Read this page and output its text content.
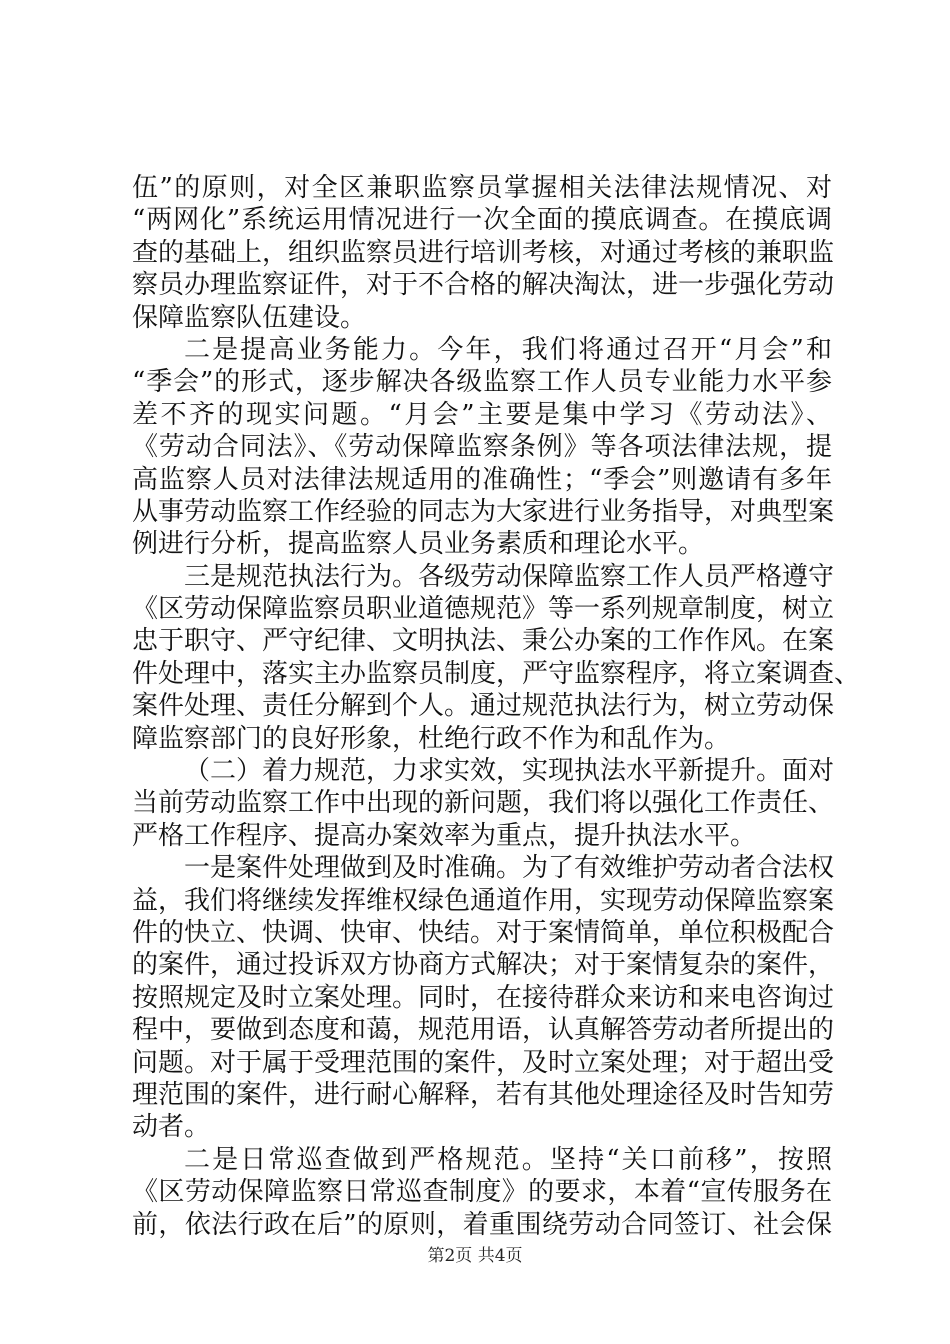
伍”的原则，对全区兼职监察员掌握相关法律法规情况、对
“两网化”系统运用情况进行一次全面的摸底调查。在摸底调
查的基础上，组织监察员进行培训考核，对通过考核的兼职监
察员办理监察证件，对于不合格的解决淘汰，进一步强化劳动
保障监察队伍建设。
二是提高业务能力。今年，我们将通过召开“月会”和
“季会”的形式，逐步解决各级监察工作人员专业能力水平参
差不齐的现实问题。“月会”主要是集中学习《劳动法》、
《劳动合同法》、《劳动保障监察条例》等各项法律法规，提
高监察人员对法律法规适用的准确性；“季会”则邀请有多年
从事劳动监察工作经验的同志为大家进行业务指导，对典型案
例进行分析，提高监察人员业务素质和理论水平。
三是规范执法行为。各级劳动保障监察工作人员严格遵守
《区劳动保障监察员职业道德规范》等一系列规章制度，树立
忠于职守、严守纪律、文明执法、秉公办案的工作作风。在案
件处理中，落实主办监察员制度，严守监察程序，将立案调查、
案件处理、责任分解到个人。通过规范执法行为，树立劳动保
障监察部门的良好形象，杜绝行政不作为和乱作为。
（二）着力规范，力求实效，实现执法水平新提升。面对
当前劳动监察工作中出现的新问题，我们将以强化工作责任、
严格工作程序、提高办案效率为重点，提升执法水平。
一是案件处理做到及时准确。为了有效维护劳动者合法权
益，我们将继续发挥维权绿色通道作用，实现劳动保障监察案
件的快立、快调、快审、快结。对于案情简单，单位积极配合
的案件，通过投诉双方协商方式解决；对于案情复杂的案件，
按照规定及时立案处理。同时，在接待群众来访和来电咨询过
程中，要做到态度和蔼，规范用语，认真解答劳动者所提出的
问题。对于属于受理范围的案件，及时立案处理；对于超出受
理范围的案件，进行耐心解释，若有其他处理途径及时告知劳
动者。
二是日常巡查做到严格规范。坚持“关口前移”，按照
《区劳动保障监察日常巡查制度》的要求，本着“宣传服务在
前，依法行政在后”的原则，着重围绕劳动合同签订、社会保
第2页 共4页
